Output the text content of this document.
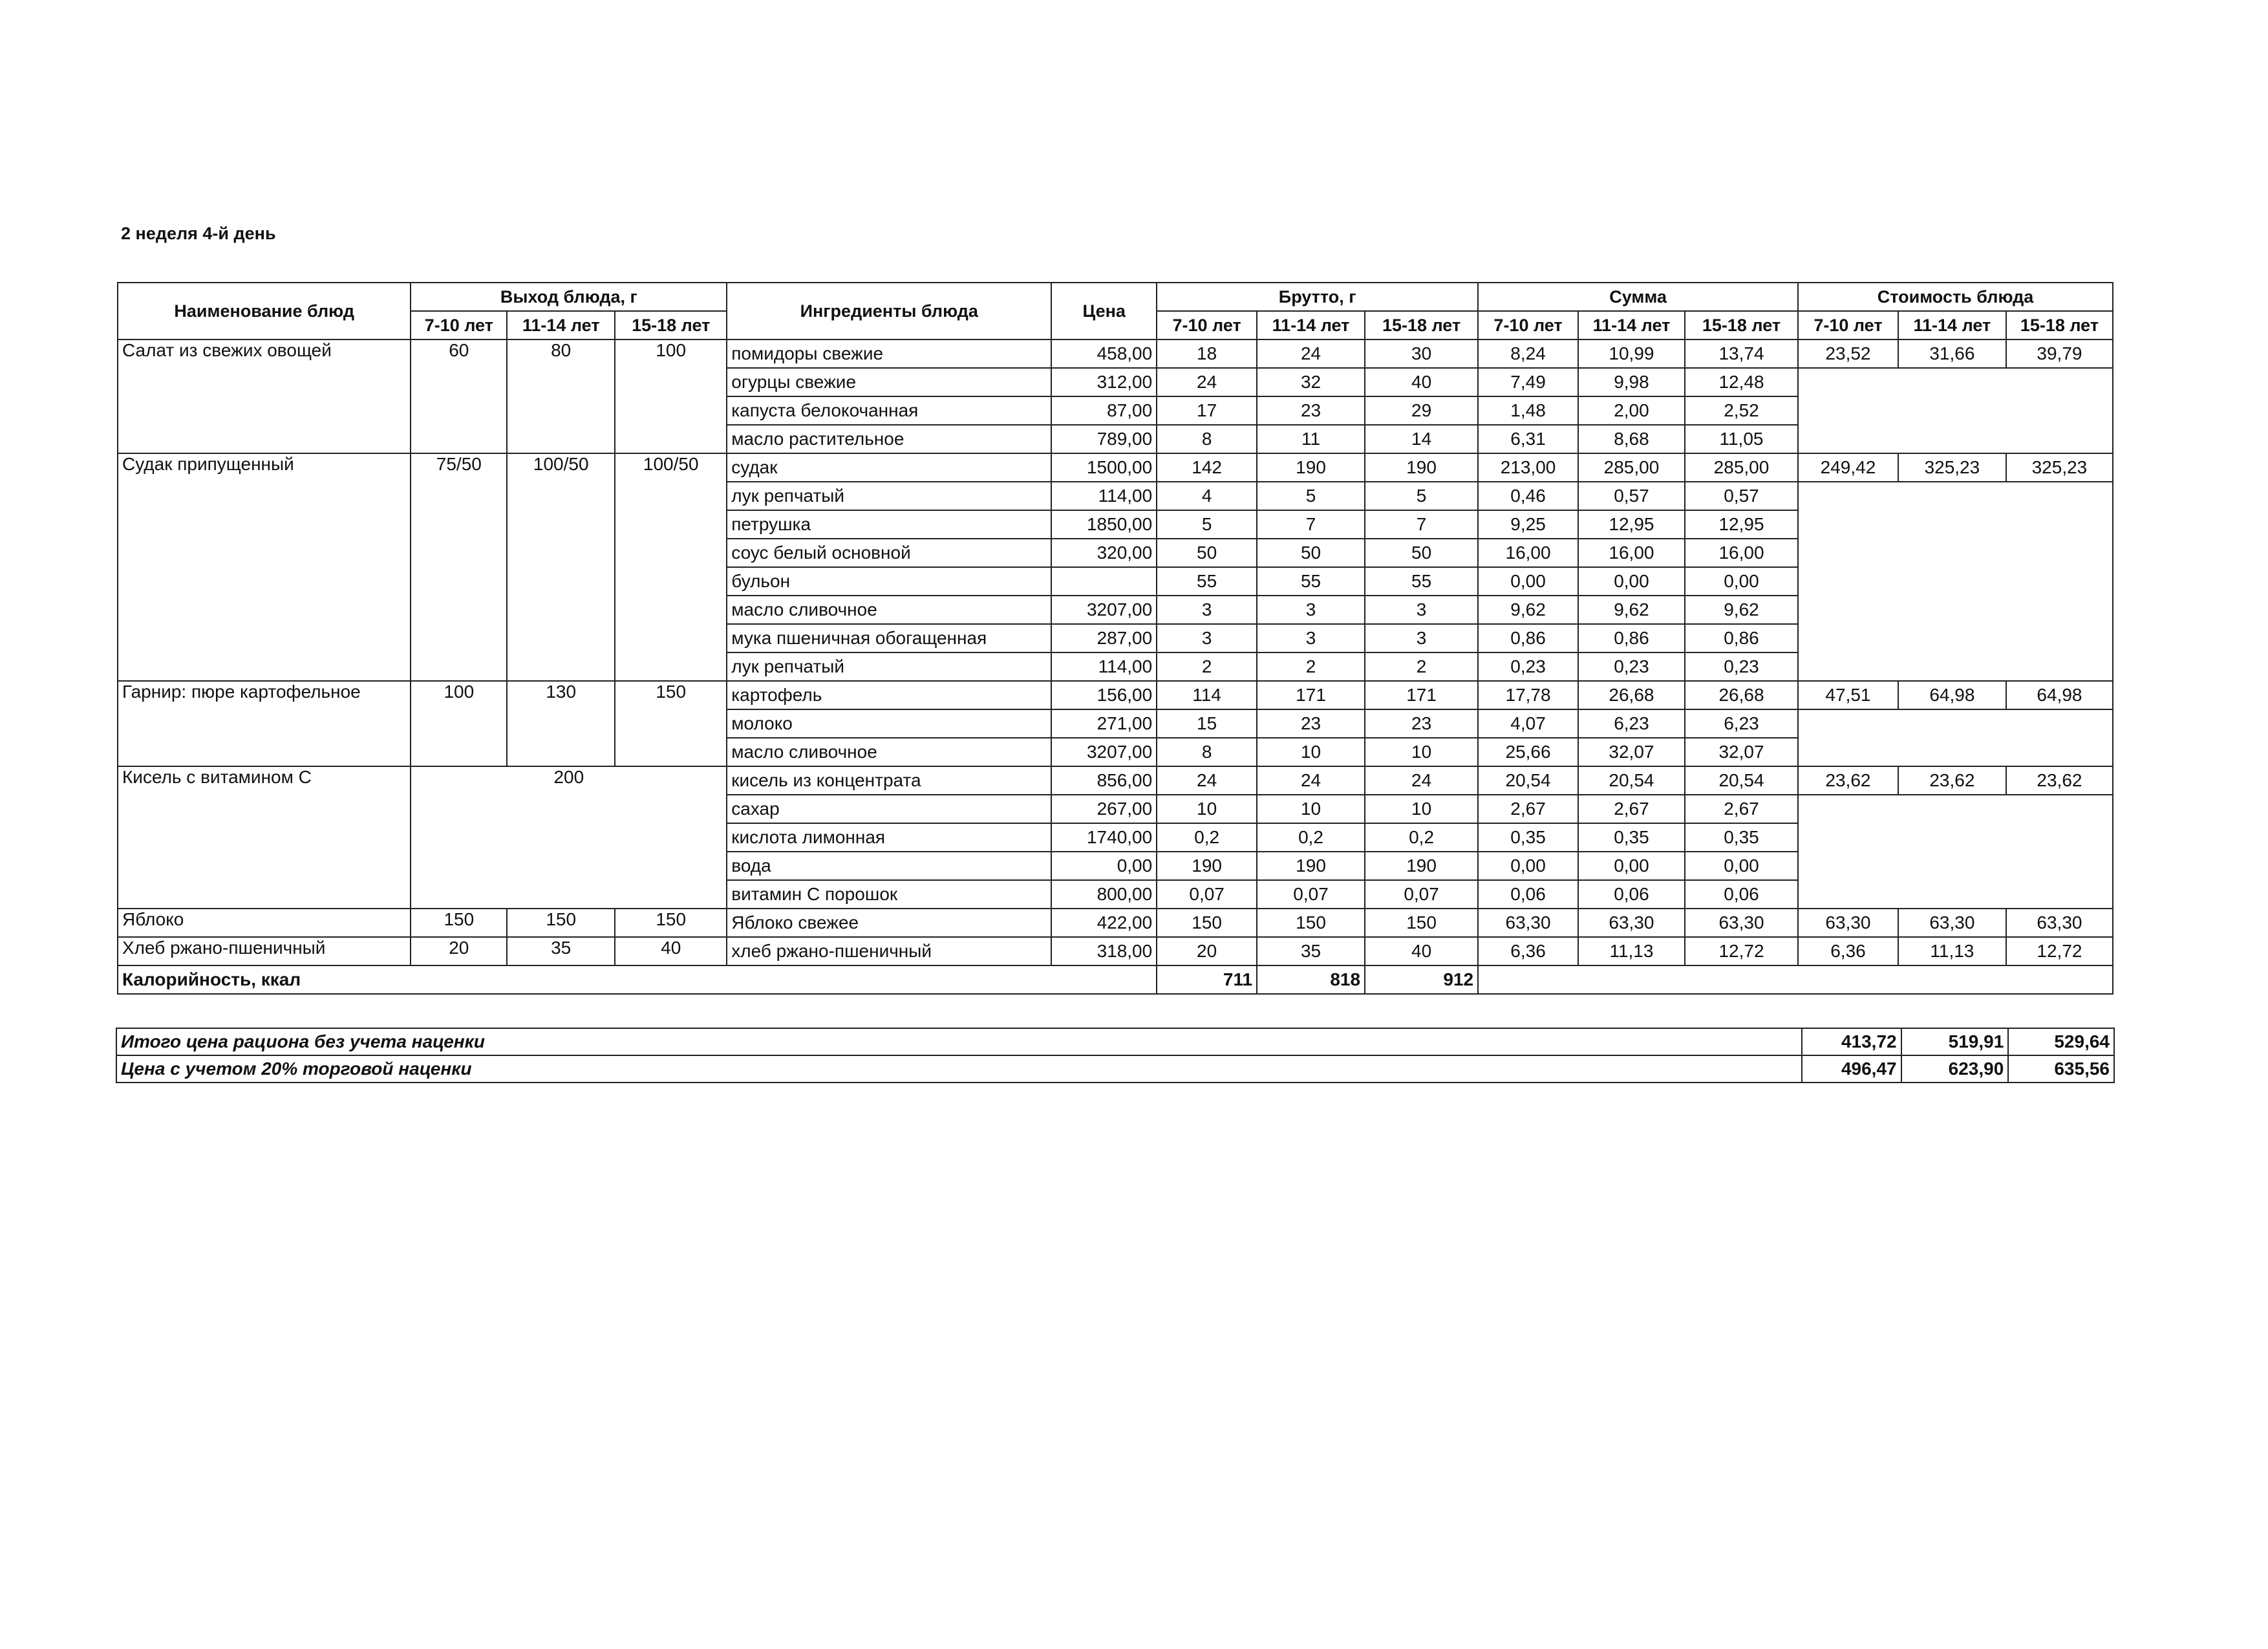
2 неделя 4-й день
Наименование блюд	Выход блюда, г			Ингредиенты блюда	Цена	Брутто, г			Сумма			Стоимость блюда		
	7-10 лет	11-14 лет	15-18 лет			7-10 лет	11-14 лет	15-18 лет	7-10 лет	11-14 лет	15-18 лет	7-10 лет	11-14 лет	15-18 лет
Салат из свежих овощей	60	80	100	помидоры свежие	458,00	18	24	30	8,24	10,99	13,74	23,52	31,66	39,79
				огурцы свежие	312,00	24	32	40	7,49	9,98	12,48			
				капуста белокочанная	87,00	17	23	29	1,48	2,00	2,52			
				масло растительное	789,00	8	11	14	6,31	8,68	11,05			
Судак припущенный	75/50	100/50	100/50	судак	1500,00	142	190	190	213,00	285,00	285,00	249,42	325,23	325,23
				лук репчатый	114,00	4	5	5	0,46	0,57	0,57			
				петрушка	1850,00	5	7	7	9,25	12,95	12,95			
				соус белый основной	320,00	50	50	50	16,00	16,00	16,00			
				бульон		55	55	55	0,00	0,00	0,00			
				масло сливочное	3207,00	3	3	3	9,62	9,62	9,62			
				мука пшеничная обогащенная	287,00	3	3	3	0,86	0,86	0,86			
				лук репчатый	114,00	2	2	2	0,23	0,23	0,23			
Гарнир: пюре картофельное	100	130	150	картофель	156,00	114	171	171	17,78	26,68	26,68	47,51	64,98	64,98
				молоко	271,00	15	23	23	4,07	6,23	6,23			
				масло сливочное	3207,00	8	10	10	25,66	32,07	32,07			
Кисель с витамином С	200			кисель из концентрата	856,00	24	24	24	20,54	20,54	20,54	23,62	23,62	23,62
				сахар	267,00	10	10	10	2,67	2,67	2,67			
				кислота лимонная	1740,00	0,2	0,2	0,2	0,35	0,35	0,35			
				вода	0,00	190	190	190	0,00	0,00	0,00			
				витамин С порошок	800,00	0,07	0,07	0,07	0,06	0,06	0,06			
Яблоко	150	150	150	Яблоко свежее	422,00	150	150	150	63,30	63,30	63,30	63,30	63,30	63,30
Хлеб ржано-пшеничный	20	35	40	хлеб ржано-пшеничный	318,00	20	35	40	6,36	11,13	12,72	6,36	11,13	12,72
Калорийность, ккал						711	818	912						
Итого цена рациона без учета наценки	413,72	519,91	529,64
Цена с учетом 20% торговой наценки	496,47	623,90	635,56
